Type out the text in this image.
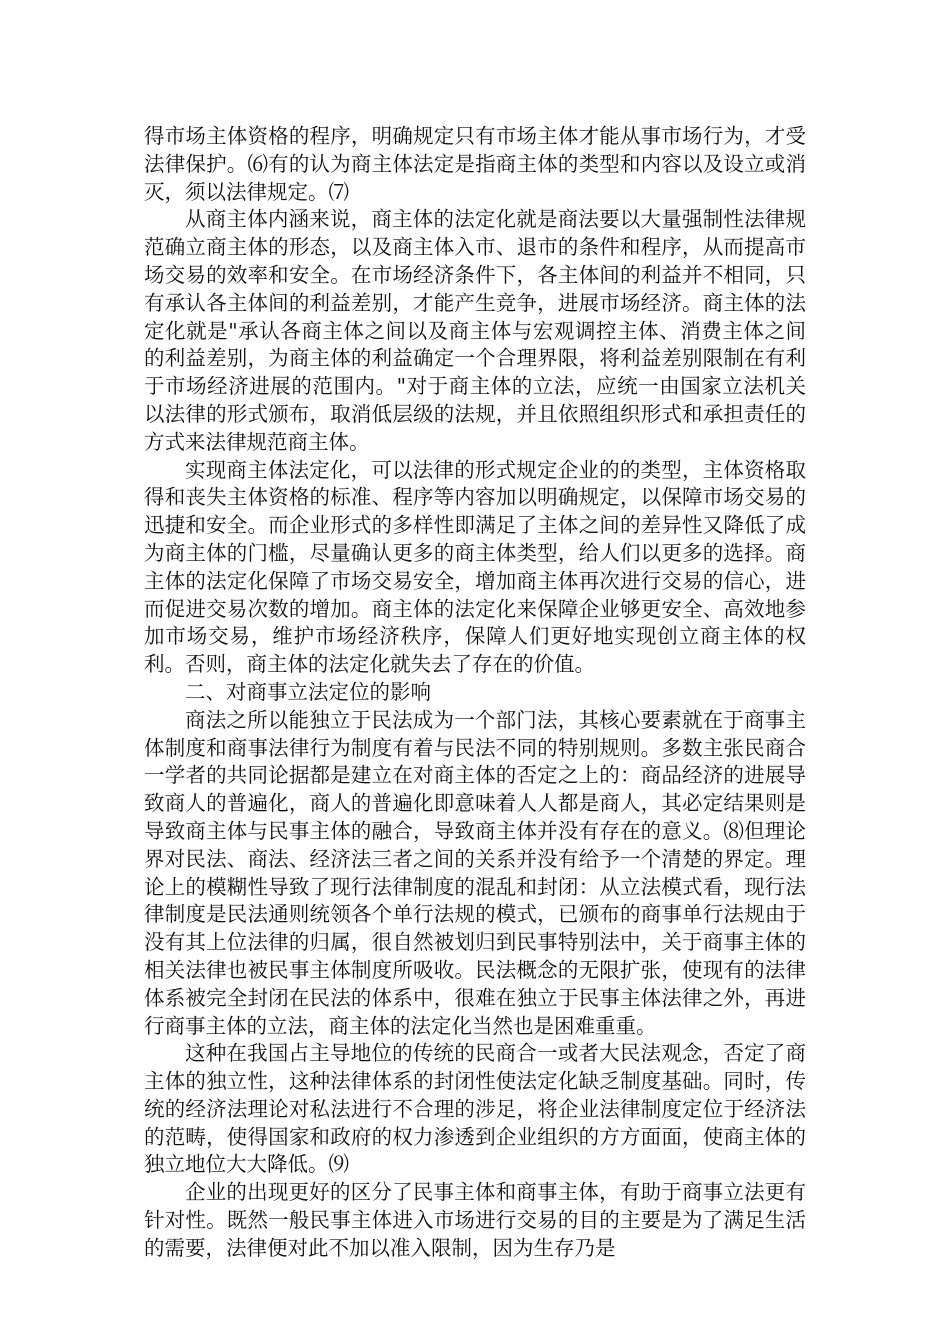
得市场主体资格的程序，明确规定只有市场主体才能从事市场行为，才受法律保护。⑹有的认为商主体法定是指商主体的类型和内容以及设立或消灭，须以法律规定。⑺

从商主体内涵来说，商主体的法定化就是商法要以大量强制性法律规范确立商主体的形态，以及商主体入市、退市的条件和程序，从而提高市场交易的效率和安全。在市场经济条件下，各主体间的利益并不相同，只有承认各主体间的利益差别，才能产生竞争，进展市场经济。商主体的法定化就是"承认各商主体之间以及商主体与宏观调控主体、消费主体之间的利益差别，为商主体的利益确定一个合理界限，将利益差别限制在有利于市场经济进展的范围内。"对于商主体的立法，应统一由国家立法机关以法律的形式颁布，取消低层级的法规，并且依照组织形式和承担责任的方式来法律规范商主体。

实现商主体法定化，可以法律的形式规定企业的的类型，主体资格取得和丧失主体资格的标准、程序等内容加以明确规定，以保障市场交易的迅捷和安全。而企业形式的多样性即满足了主体之间的差异性又降低了成为商主体的门槛，尽量确认更多的商主体类型，给人们以更多的选择。商主体的法定化保障了市场交易安全，增加商主体再次进行交易的信心，进而促进交易次数的增加。商主体的法定化来保障企业够更安全、高效地参加市场交易，维护市场经济秩序，保障人们更好地实现创立商主体的权利。否则，商主体的法定化就失去了存在的价值。

二、对商事立法定位的影响

商法之所以能独立于民法成为一个部门法，其核心要素就在于商事主体制度和商事法律行为制度有着与民法不同的特别规则。多数主张民商合一学者的共同论据都是建立在对商主体的否定之上的：商品经济的进展导致商人的普遍化，商人的普遍化即意味着人人都是商人，其必定结果则是导致商主体与民事主体的融合，导致商主体并没有存在的意义。⑻但理论界对民法、商法、经济法三者之间的关系并没有给予一个清楚的界定。理论上的模糊性导致了现行法律制度的混乱和封闭：从立法模式看，现行法律制度是民法通则统领各个单行法规的模式，已颁布的商事单行法规由于没有其上位法律的归属，很自然被划归到民事特别法中，关于商事主体的相关法律也被民事主体制度所吸收。民法概念的无限扩张，使现有的法律体系被完全封闭在民法的体系中，很难在独立于民事主体法律之外，再进行商事主体的立法，商主体的法定化当然也是困难重重。

这种在我国占主导地位的传统的民商合一或者大民法观念，否定了商主体的独立性，这种法律体系的封闭性使法定化缺乏制度基础。同时，传统的经济法理论对私法进行不合理的涉足，将企业法律制度定位于经济法的范畴，使得国家和政府的权力渗透到企业组织的方方面面，使商主体的独立地位大大降低。⑼

企业的出现更好的区分了民事主体和商事主体，有助于商事立法更有针对性。既然一般民事主体进入市场进行交易的目的主要是为了满足生活的需要，法律便对此不加以准入限制，因为生存乃是
